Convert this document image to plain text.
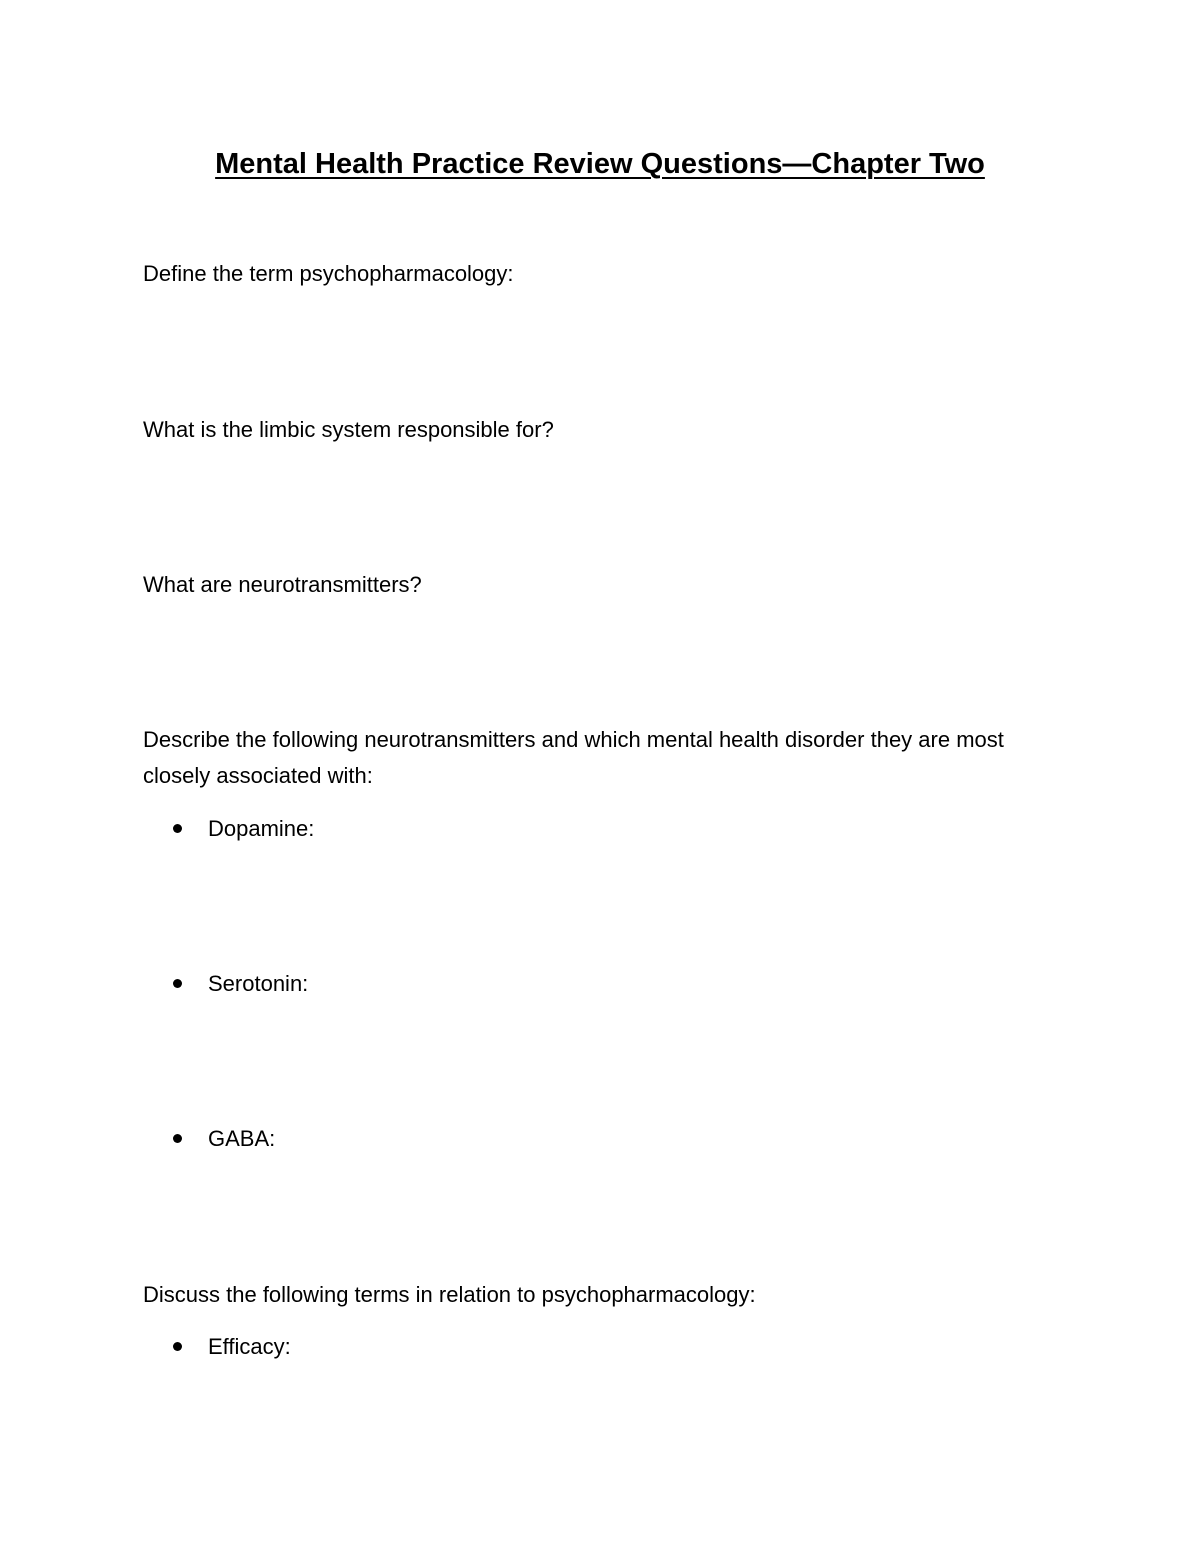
Mental Health Practice Review Questions—Chapter Two
Define the term psychopharmacology:
What is the limbic system responsible for?
What are neurotransmitters?
Describe the following neurotransmitters and which mental health disorder they are most closely associated with:
Dopamine:
Serotonin:
GABA:
Discuss the following terms in relation to psychopharmacology:
Efficacy:
